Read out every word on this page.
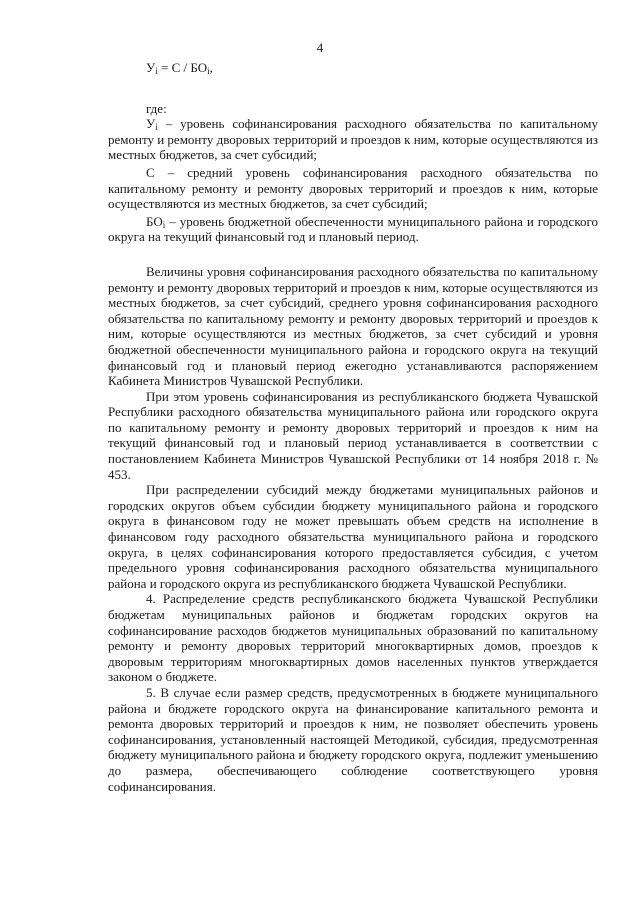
4
$У_i = С / БО_i$,

где:

$У_i$ – уровень софинансирования расходного обязательства по капитальному ремонту и ремонту дворовых территорий и проездов к ним, которые осуществляются из местных бюджетов, за счет субсидий;

С – средний уровень софинансирования расходного обязательства по капитальному ремонту и ремонту дворовых территорий и проездов к ним, которые осуществляются из местных бюджетов, за счет субсидий;

$БО_i$ – уровень бюджетной обеспеченности муниципального района и городского округа на текущий финансовый год и плановый период.

Величины уровня софинансирования расходного обязательства по капитальному ремонту и ремонту дворовых территорий и проездов к ним, которые осуществляются из местных бюджетов, за счет субсидий, среднего уровня софинансирования расходного обязательства по капитальному ремонту и ремонту дворовых территорий и проездов к ним, которые осуществляются из местных бюджетов, за счет субсидий и уровня бюджетной обеспеченности муниципального района и городского округа на текущий финансовый год и плановый период ежегодно устанавливаются распоряжением Кабинета Министров Чувашской Республики.

При этом уровень софинансирования из республиканского бюджета Чувашской Республики расходного обязательства муниципального района или городского округа по капитальному ремонту и ремонту дворовых территорий и проездов к ним на текущий финансовый год и плановый период устанавливается в соответствии с постановлением Кабинета Министров Чувашской Республики от 14 ноября 2018 г. № 453.

При распределении субсидий между бюджетами муниципальных районов и городских округов объем субсидии бюджету муниципального района и городского округа в финансовом году не может превышать объем средств на исполнение в финансовом году расходного обязательства муниципального района и городского округа, в целях софинансирования которого предоставляется субсидия, с учетом предельного уровня софинансирования расходного обязательства муниципального района и городского округа из республиканского бюджета Чувашской Республики.

4. Распределение средств республиканского бюджета Чувашской Республики бюджетам муниципальных районов и бюджетам городских округов на софинансирование расходов бюджетов муниципальных образований по капитальному ремонту и ремонту дворовых территорий многоквартирных домов, проездов к дворовым территориям многоквартирных домов населенных пунктов утверждается законом о бюджете.

5. В случае если размер средств, предусмотренных в бюджете муниципального района и бюджете городского округа на финансирование капитального ремонта и ремонта дворовых территорий и проездов к ним, не позволяет обеспечить уровень софинансирования, установленный настоящей Методикой, субсидия, предусмотренная бюджету муниципального района и бюджету городского округа, подлежит уменьшению до размера, обеспечивающего соблюдение соответствующего уровня софинансирования.
